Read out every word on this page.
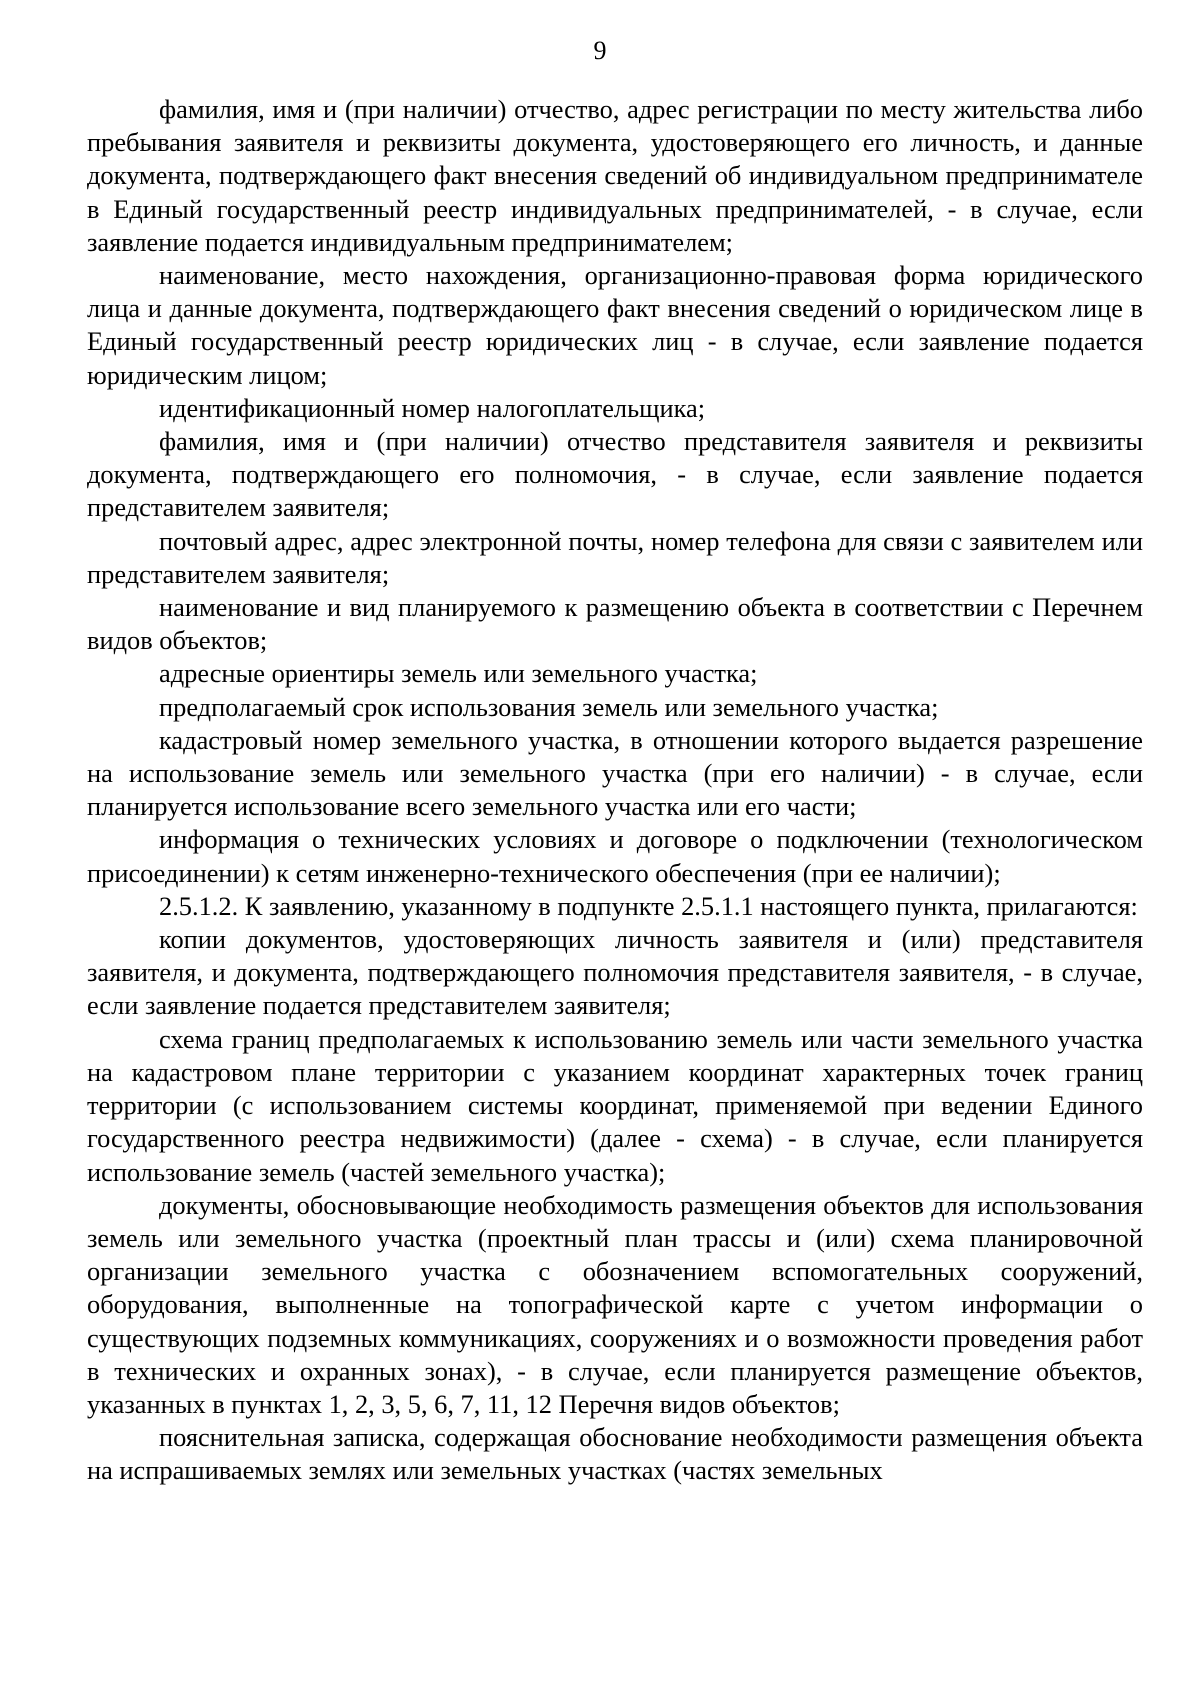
9

фамилия, имя и (при наличии) отчество, адрес регистрации по месту жительства либо пребывания заявителя и реквизиты документа, удостоверяющего его личность, и данные документа, подтверждающего факт внесения сведений об индивидуальном предпринимателе в Единый государственный реестр индивидуальных предпринимателей, - в случае, если заявление подается индивидуальным предпринимателем;

наименование, место нахождения, организационно-правовая форма юридического лица и данные документа, подтверждающего факт внесения сведений о юридическом лице в Единый государственный реестр юридических лиц - в случае, если заявление подается юридическим лицом;

идентификационный номер налогоплательщика;

фамилия, имя и (при наличии) отчество представителя заявителя и реквизиты документа, подтверждающего его полномочия, - в случае, если заявление подается представителем заявителя;

почтовый адрес, адрес электронной почты, номер телефона для связи с заявителем или представителем заявителя;

наименование и вид планируемого к размещению объекта в соответствии с Перечнем видов объектов;

адресные ориентиры земель или земельного участка;

предполагаемый срок использования земель или земельного участка;

кадастровый номер земельного участка, в отношении которого выдается разрешение на использование земель или земельного участка (при его наличии) - в случае, если планируется использование всего земельного участка или его части;

информация о технических условиях и договоре о подключении (технологическом присоединении) к сетям инженерно-технического обеспечения (при ее наличии);

2.5.1.2. К заявлению, указанному в подпункте 2.5.1.1 настоящего пункта, прилагаются:

копии документов, удостоверяющих личность заявителя и (или) представителя заявителя, и документа, подтверждающего полномочия представителя заявителя, - в случае, если заявление подается представителем заявителя;

схема границ предполагаемых к использованию земель или части земельного участка на кадастровом плане территории с указанием координат характерных точек границ территории (с использованием системы координат, применяемой при ведении Единого государственного реестра недвижимости) (далее - схема) - в случае, если планируется использование земель (частей земельного участка);

документы, обосновывающие необходимость размещения объектов для использования земель или земельного участка (проектный план трассы и (или) схема планировочной организации земельного участка с обозначением вспомогательных сооружений, оборудования, выполненные на топографической карте с учетом информации о существующих подземных коммуникациях, сооружениях и о возможности проведения работ в технических и охранных зонах), - в случае, если планируется размещение объектов, указанных в пунктах 1, 2, 3, 5, 6, 7, 11, 12 Перечня видов объектов;

пояснительная записка, содержащая обоснование необходимости размещения объекта на испрашиваемых землях или земельных участках (частях земельных
